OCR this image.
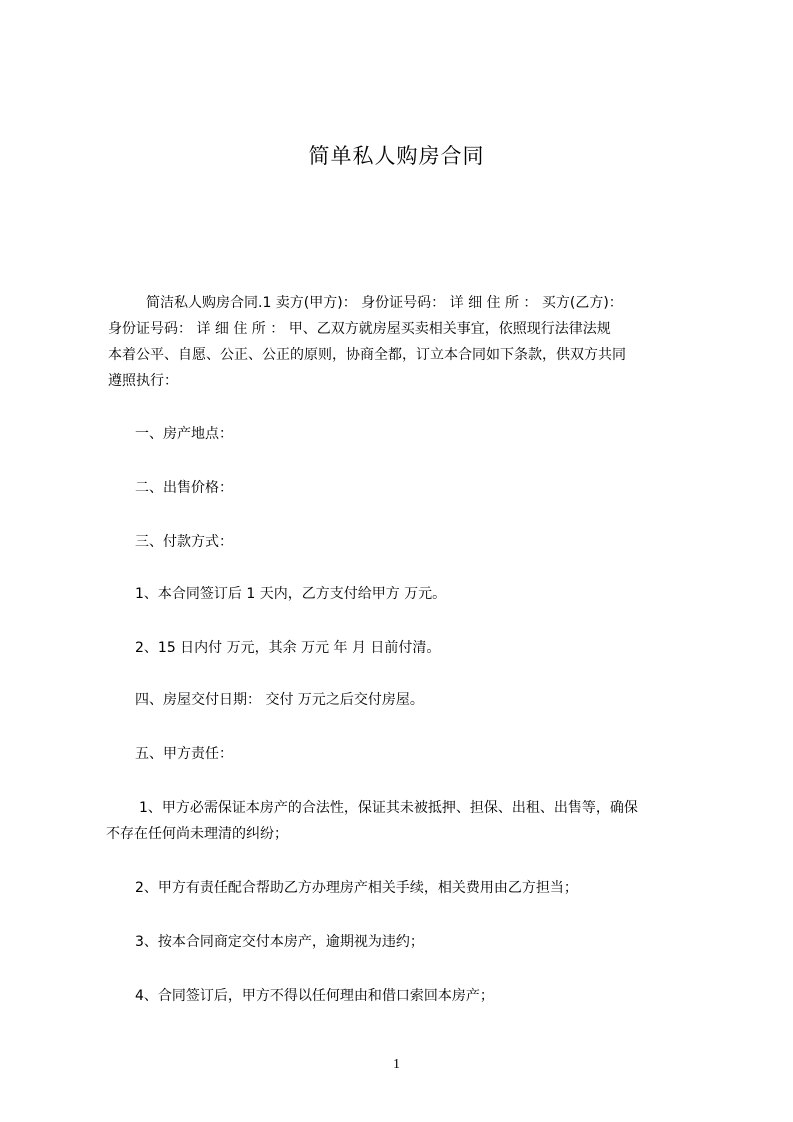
简单私人购房合同
简洁私人购房合同.1 卖方(甲方)： 身份证号码： 详 细 住 所 ： 买方(乙方)：
身份证号码： 详 细 住 所 ： 甲、乙双方就房屋买卖相关事宜，依照现行法律法规
本着公平、自愿、公正、公正的原则，协商全都，订立本合同如下条款，供双方共同
遵照执行：
一、房产地点：
二、出售价格：
三、付款方式：
1、本合同签订后 1 天内，乙方支付给甲方 万元。
2、15 日内付 万元，其余 万元 年 月 日前付清。
四、房屋交付日期： 交付 万元之后交付房屋。
五、甲方责任：
1、甲方必需保证本房产的合法性，保证其未被抵押、担保、出租、出售等，确保
不存在任何尚未理清的纠纷；
2、甲方有责任配合帮助乙方办理房产相关手续，相关费用由乙方担当；
3、按本合同商定交付本房产，逾期视为违约；
4、合同签订后，甲方不得以任何理由和借口索回本房产；
1
